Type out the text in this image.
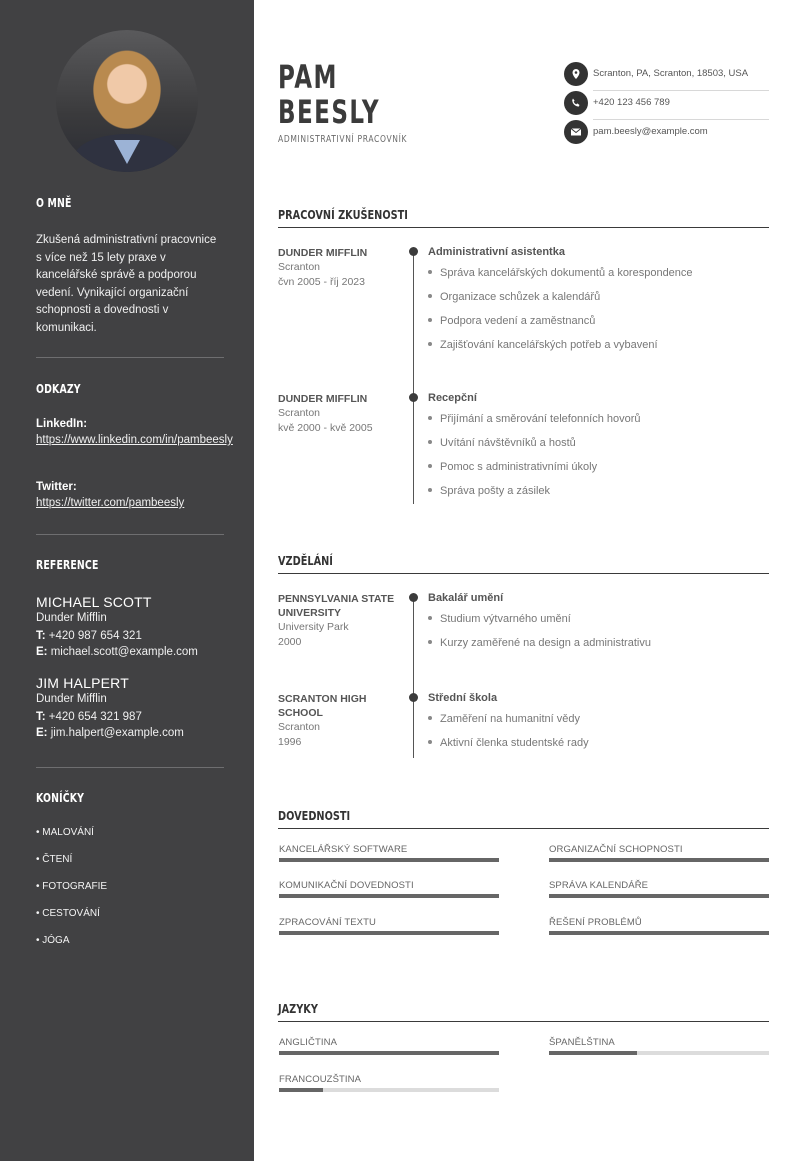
O MNĚ
Zkušená administrativní pracovnice s více než 15 lety praxe v kancelářské správě a podporou vedení. Vynikající organizační schopnosti a dovednosti v komunikaci.
ODKAZY
LinkedIn:
https://www.linkedin.com/in/pambeesly
Twitter:
https://twitter.com/pambeesly
REFERENCE
MICHAEL SCOTT
Dunder Mifflin
T: +420 987 654 321
E: michael.scott@example.com
JIM HALPERT
Dunder Mifflin
T: +420 654 321 987
E: jim.halpert@example.com
KONÍČKY
• MALOVÁNÍ
• ČTENÍ
• FOTOGRAFIE
• CESTOVÁNÍ
• JÓGA
PAM
BEESLY
ADMINISTRATIVNÍ PRACOVNÍK
Scranton, PA, Scranton, 18503, USA
+420 123 456 789
pam.beesly@example.com
PRACOVNÍ ZKUŠENOSTI
DUNDER MIFFLIN
Scranton
čvn 2005 - říj 2023
Administrativní asistentka
Správa kancelářských dokumentů a korespondence
Organizace schůzek a kalendářů
Podpora vedení a zaměstnanců
Zajišťování kancelářských potřeb a vybavení
DUNDER MIFFLIN
Scranton
kvě 2000 - kvě 2005
Recepční
Přijímání a směrování telefonních hovorů
Uvítání návštěvníků a hostů
Pomoc s administrativními úkoly
Správa pošty a zásilek
VZDĚLÁNÍ
PENNSYLVANIA STATE UNIVERSITY
University Park
2000
Bakalář umění
Studium výtvarného umění
Kurzy zaměřené na design a administrativu
SCRANTON HIGH SCHOOL
Scranton
1996
Střední škola
Zaměření na humanitní vědy
Aktivní členka studentské rady
DOVEDNOSTI
KANCELÁŘSKÝ SOFTWARE	ORGANIZAČNÍ SCHOPNOSTI
KOMUNIKAČNÍ DOVEDNOSTI	SPRÁVA KALENDÁŘE
ZPRACOVÁNÍ TEXTU	ŘEŠENÍ PROBLÉMŮ
JAZYKY
ANGLIČTINA	ŠPANĚLŠTINA
FRANCOUZŠTINA
